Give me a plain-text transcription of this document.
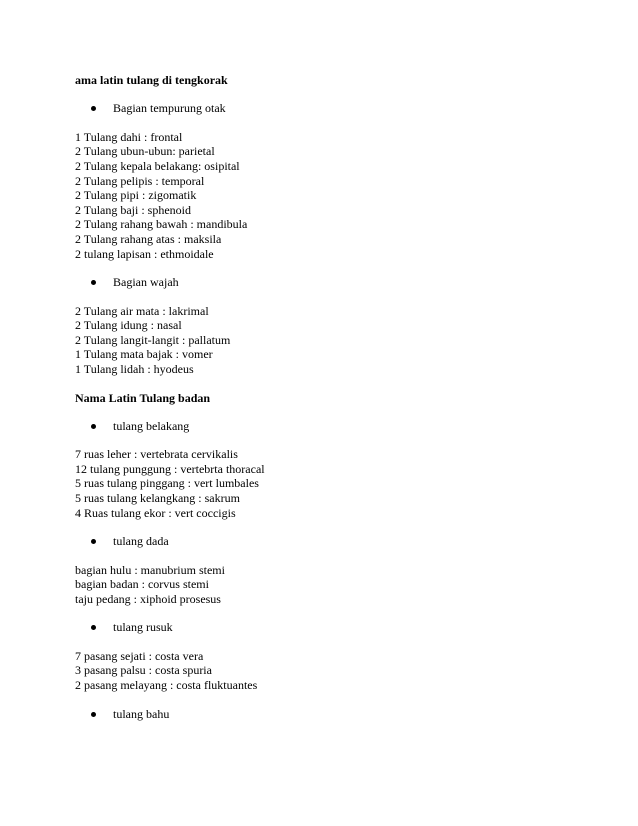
ama latin tulang di tengkorak
Bagian tempurung otak
1 Tulang dahi : frontal
2 Tulang ubun-ubun: parietal
2 Tulang kepala belakang: osipital
2 Tulang pelipis : temporal
2 Tulang pipi : zigomatik
2 Tulang baji : sphenoid
2 Tulang rahang bawah : mandibula
2 Tulang rahang atas : maksila
2 tulang lapisan : ethmoidale
Bagian wajah
2 Tulang air mata : lakrimal
2 Tulang idung : nasal
2 Tulang langit-langit : pallatum
1 Tulang mata bajak : vomer
1 Tulang lidah : hyodeus
Nama Latin Tulang badan
tulang belakang
7 ruas leher : vertebrata cervikalis
12 tulang punggung : vertebrta thoracal
5 ruas tulang pinggang : vert lumbales
5 ruas tulang kelangkang : sakrum
4 Ruas tulang ekor : vert coccigis
tulang dada
bagian hulu : manubrium stemi
bagian badan : corvus stemi
taju pedang : xiphoid prosesus
tulang rusuk
7 pasang sejati : costa vera
3 pasang palsu : costa spuria
2 pasang melayang : costa fluktuantes
tulang bahu
